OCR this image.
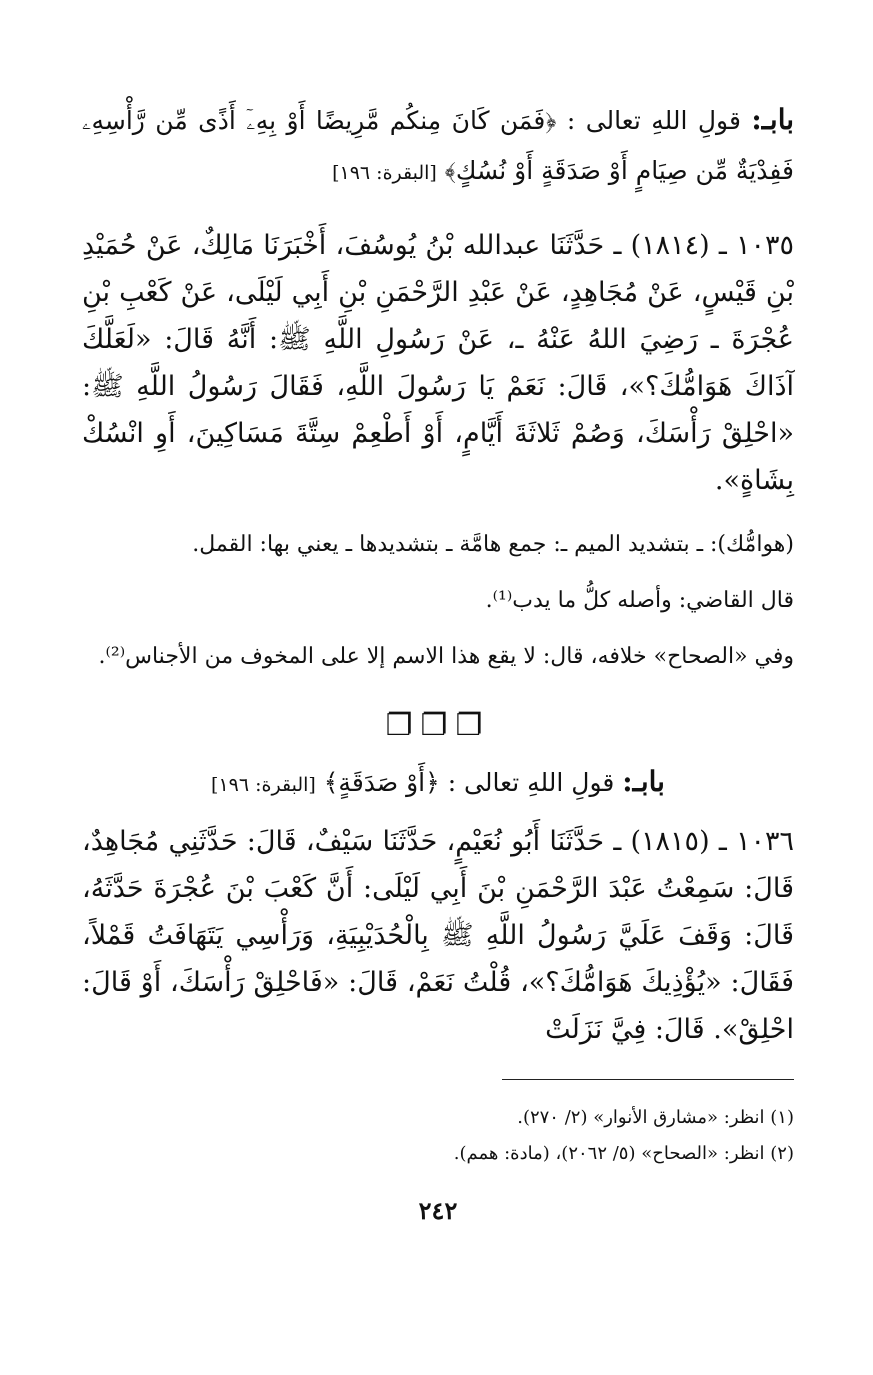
بابـ: قولِ اللهِ تعالى : ﴿فَمَن كَانَ مِنكُم مَّرِيضًا أَوْ بِهِۦٓ أَذًى مِّن رَّأْسِهِۦ فَفِدْيَةٌ مِّن صِيَامٍ أَوْ صَدَقَةٍ أَوْ نُسُكٍ﴾ [البقرة: ١٩٦]

١٠٣٥ ـ (١٨١٤) ـ حَدَّثَنَا عبدالله بْنُ يُوسُفَ، أَخْبَرَنَا مَالِكٌ، عَنْ حُمَيْدِ بْنِ قَيْسٍ، عَنْ مُجَاهِدٍ، عَنْ عَبْدِ الرَّحْمَنِ بْنِ أَبِي لَيْلَى، عَنْ كَعْبِ بْنِ عُجْرَةَ ـ رَضِيَ اللهُ عَنْهُ ـ، عَنْ رَسُولِ اللَّهِ ﷺ: أَنَّهُ قَالَ: «لَعَلَّكَ آذَاكَ هَوَامُّكَ؟»، قَالَ: نَعَمْ يَا رَسُولَ اللَّهِ، فَقَالَ رَسُولُ اللَّهِ ﷺ: «احْلِقْ رَأْسَكَ، وَصُمْ ثَلاثَةَ أَيَّامٍ، أَوْ أَطْعِمْ سِتَّةَ مَسَاكِينَ، أَوِ انْسُكْ بِشَاةٍ».

(هوامُّك): ـ بتشديد الميم ـ: جمع هامَّة ـ بتشديدها ـ يعني بها: القمل.

قال القاضي: وأصله كلُّ ما يدب⁽¹⁾.

وفي «الصحاح» خلافه، قال: لا يقع هذا الاسم إلا على المخوف من الأجناس⁽²⁾.

❐❐❐

بابـ: قولِ اللهِ تعالى : ﴿أَوْ صَدَقَةٍ﴾ [البقرة: ١٩٦]

١٠٣٦ ـ (١٨١٥) ـ حَدَّثَنَا أَبُو نُعَيْمٍ، حَدَّثَنَا سَيْفٌ، قَالَ: حَدَّثَنِي مُجَاهِدٌ، قَالَ: سَمِعْتُ عَبْدَ الرَّحْمَنِ بْنَ أَبِي لَيْلَى: أَنَّ كَعْبَ بْنَ عُجْرَةَ حَدَّثَهُ، قَالَ: وَقَفَ عَلَيَّ رَسُولُ اللَّهِ ﷺ بِالْحُدَيْبِيَةِ، وَرَأْسِي يَتَهَافَتُ قَمْلاً، فَقَالَ: «يُؤْذِيكَ هَوَامُّكَ؟»، قُلْتُ نَعَمْ، قَالَ: «فَاحْلِقْ رَأْسَكَ، أَوْ قَالَ: احْلِقْ». قَالَ: فِيَّ نَزَلَتْ

(١) انظر: «مشارق الأنوار» (٢/ ٢٧٠).
(٢) انظر: «الصحاح» (٥/ ٢٠٦٢)، (مادة: همم).
٢٤٢
